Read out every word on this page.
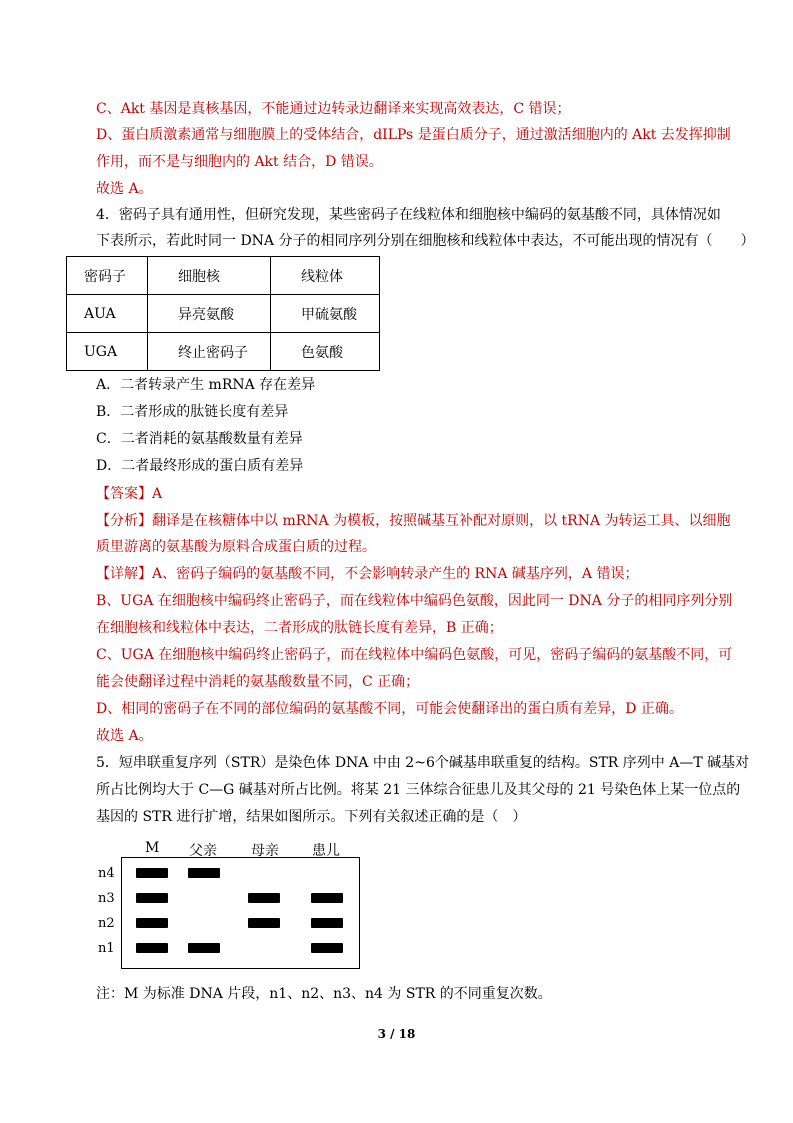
C、Akt 基因是真核基因，不能通过边转录边翻译来实现高效表达，C 错误；
D、蛋白质激素通常与细胞膜上的受体结合，dILPs 是蛋白质分子，通过激活细胞内的 Akt 去发挥抑制
作用，而不是与细胞内的 Akt 结合，D 错误。
故选 A。
4．密码子具有通用性，但研究发现，某些密码子在线粒体和细胞核中编码的氨基酸不同，具体情况如
下表所示，若此时同一 DNA 分子的相同序列分别在细胞核和线粒体中表达，不可能出现的情况有（　　）
密码子	细胞核	线粒体
AUA	异亮氨酸	甲硫氨酸
UGA	终止密码子	色氨酸
A．二者转录产生 mRNA 存在差异
B．二者形成的肽链长度有差异
C．二者消耗的氨基酸数量有差异
D．二者最终形成的蛋白质有差异
【答案】A
【分析】翻译是在核糖体中以 mRNA 为模板，按照碱基互补配对原则，以 tRNA 为转运工具、以细胞
质里游离的氨基酸为原料合成蛋白质的过程。
【详解】A、密码子编码的氨基酸不同，不会影响转录产生的 RNA 碱基序列，A 错误；
B、UGA 在细胞核中编码终止密码子，而在线粒体中编码色氨酸，因此同一 DNA 分子的相同序列分别
在细胞核和线粒体中表达，二者形成的肽链长度有差异，B 正确；
C、UGA 在细胞核中编码终止密码子，而在线粒体中编码色氨酸，可见，密码子编码的氨基酸不同，可
能会使翻译过程中消耗的氨基酸数量不同，C 正确；
D、相同的密码子在不同的部位编码的氨基酸不同，可能会使翻译出的蛋白质有差异，D 正确。
故选 A。
5．短串联重复序列（STR）是染色体 DNA 中由 2~6个碱基串联重复的结构。STR 序列中 A—T 碱基对
所占比例均大于 C—G 碱基对所占比例。将某 21 三体综合征患儿及其父母的 21 号染色体上某一位点的
基因的 STR 进行扩增，结果如图所示。下列有关叙述正确的是（　）
M 父亲 母亲 患儿
n4
n3
n2
n1
注：M 为标准 DNA 片段，n1、n2、n3、n4 为 STR 的不同重复次数。
3 / 18
